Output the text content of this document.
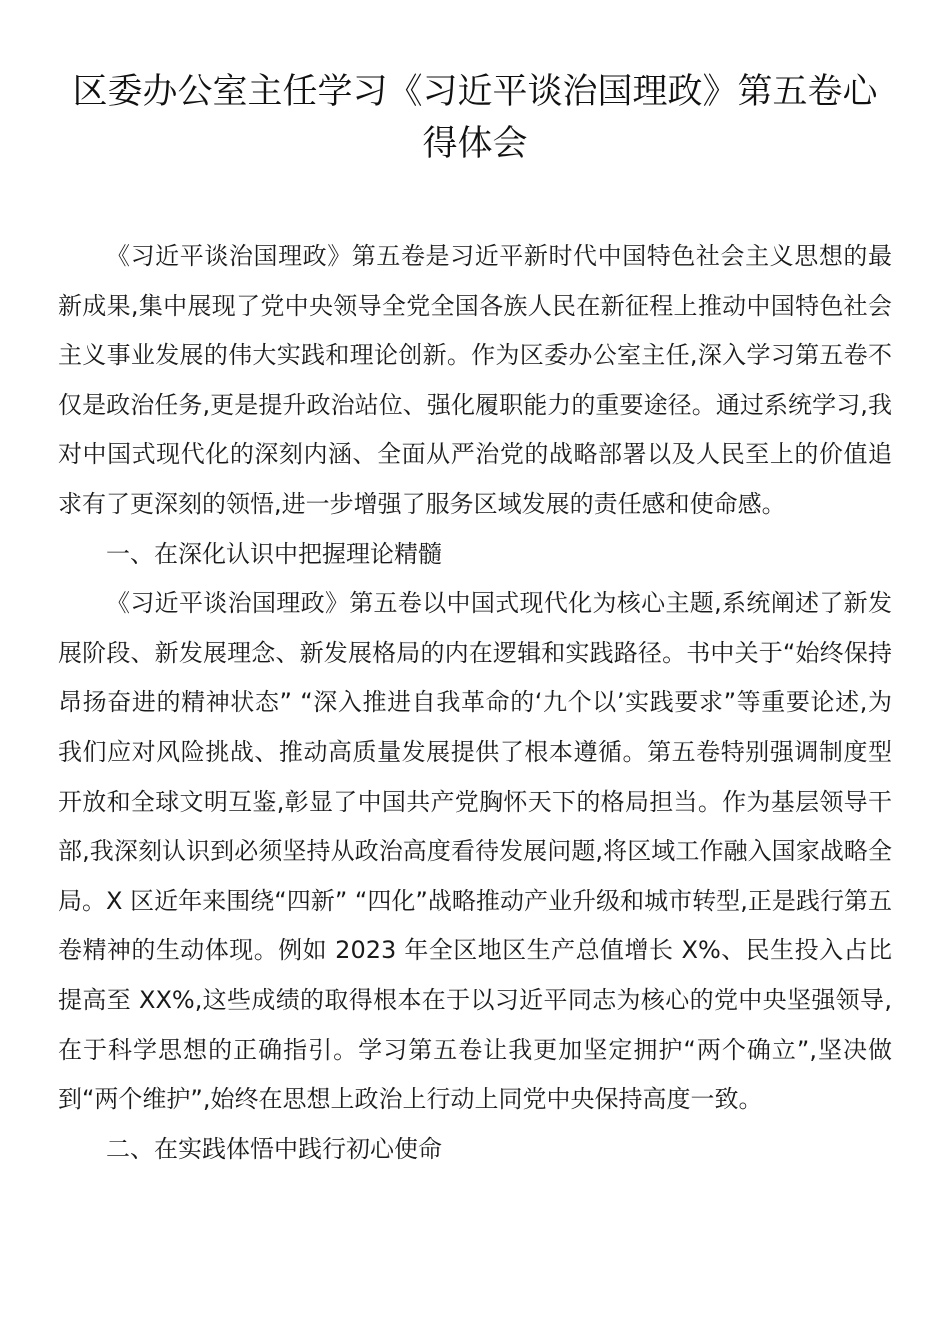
区委办公室主任学习《习近平谈治国理政》第五卷心得体会

《习近平谈治国理政》第五卷是习近平新时代中国特色社会主义思想的最新成果,集中展现了党中央领导全党全国各族人民在新征程上推动中国特色社会主义事业发展的伟大实践和理论创新。作为区委办公室主任,深入学习第五卷不仅是政治任务,更是提升政治站位、强化履职能力的重要途径。通过系统学习,我对中国式现代化的深刻内涵、全面从严治党的战略部署以及人民至上的价值追求有了更深刻的领悟,进一步增强了服务区域发展的责任感和使命感。

一、在深化认识中把握理论精髓

《习近平谈治国理政》第五卷以中国式现代化为核心主题,系统阐述了新发展阶段、新发展理念、新发展格局的内在逻辑和实践路径。书中关于“始终保持昂扬奋进的精神状态” “深入推进自我革命的‘九个以’实践要求”等重要论述,为我们应对风险挑战、推动高质量发展提供了根本遵循。第五卷特别强调制度型开放和全球文明互鉴,彰显了中国共产党胸怀天下的格局担当。作为基层领导干部,我深刻认识到必须坚持从政治高度看待发展问题,将区域工作融入国家战略全局。X 区近年来围绕“四新” “四化”战略推动产业升级和城市转型,正是践行第五卷精神的生动体现。例如 2023 年全区地区生产总值增长 X%、民生投入占比提高至 XX%,这些成绩的取得根本在于以习近平同志为核心的党中央坚强领导,在于科学思想的正确指引。学习第五卷让我更加坚定拥护“两个确立”,坚决做到“两个维护”,始终在思想上政治上行动上同党中央保持高度一致。

二、在实践体悟中践行初心使命
